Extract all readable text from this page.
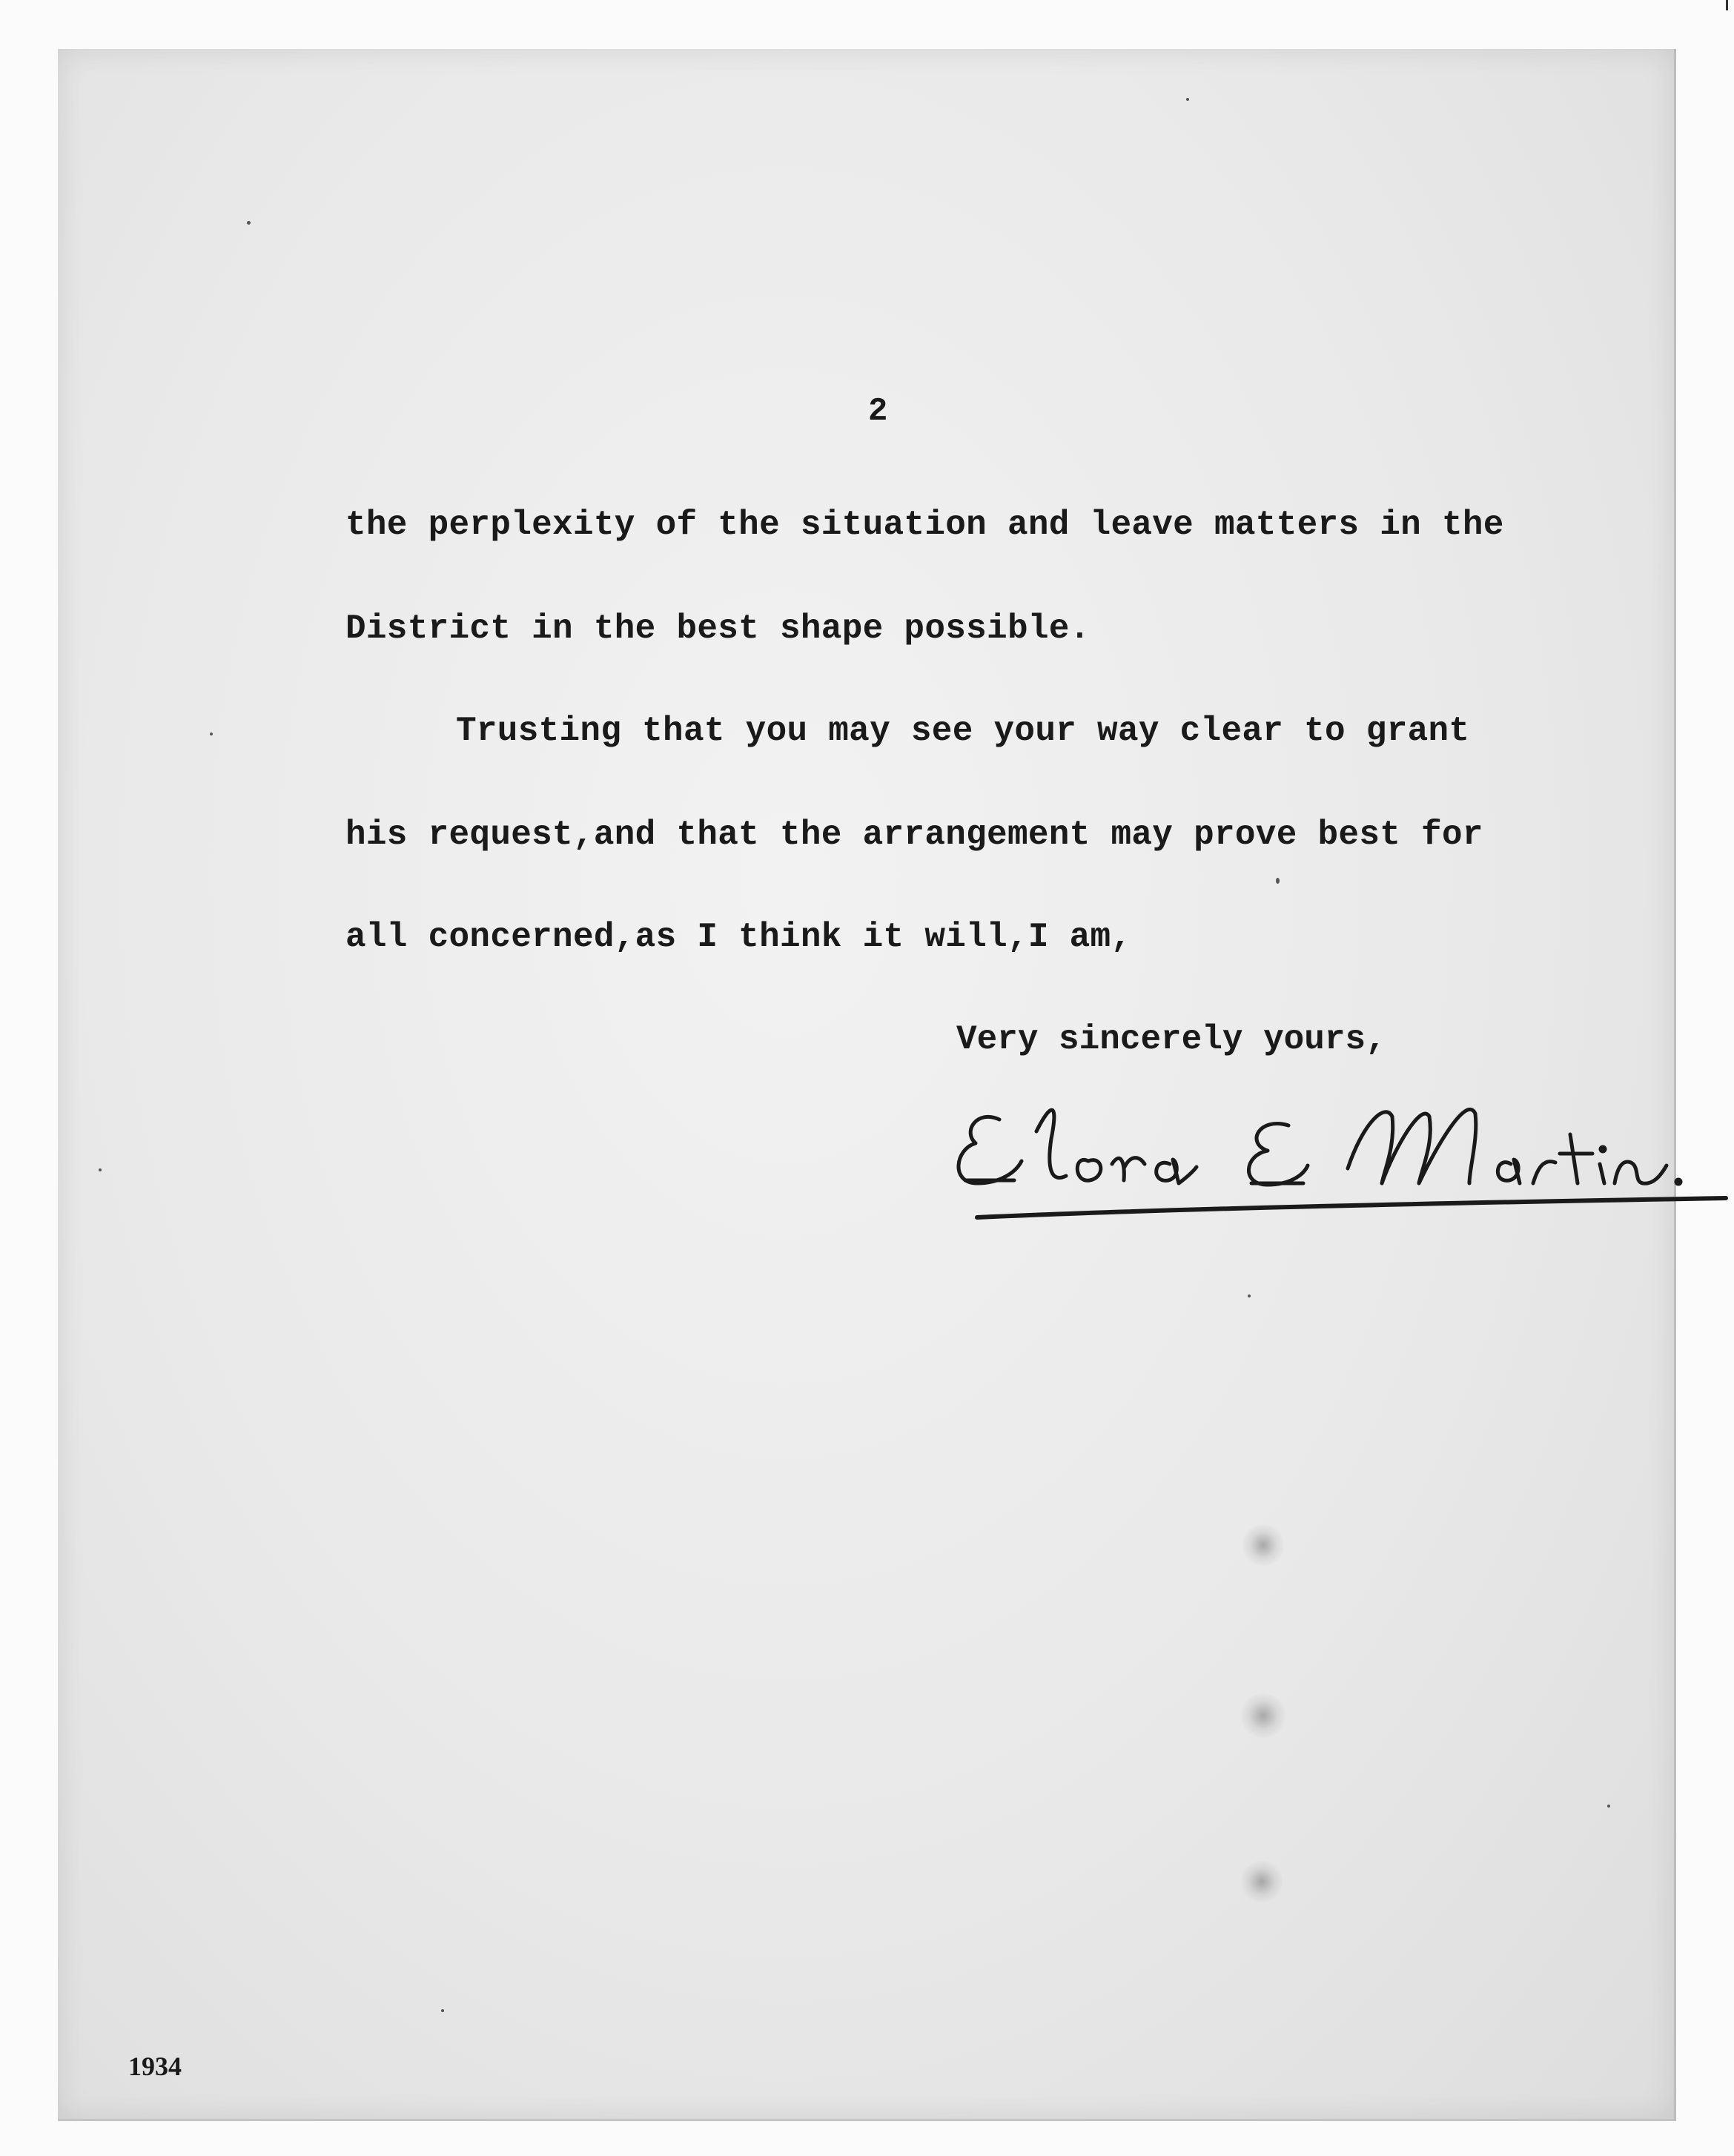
2
the perplexity of the situation and leave matters in the
District in the best shape possible.
Trusting that you may see your way clear to grant
his request,and that the arrangement may prove best for
all concerned,as I think it will,I am,
Very sincerely yours,
1934
